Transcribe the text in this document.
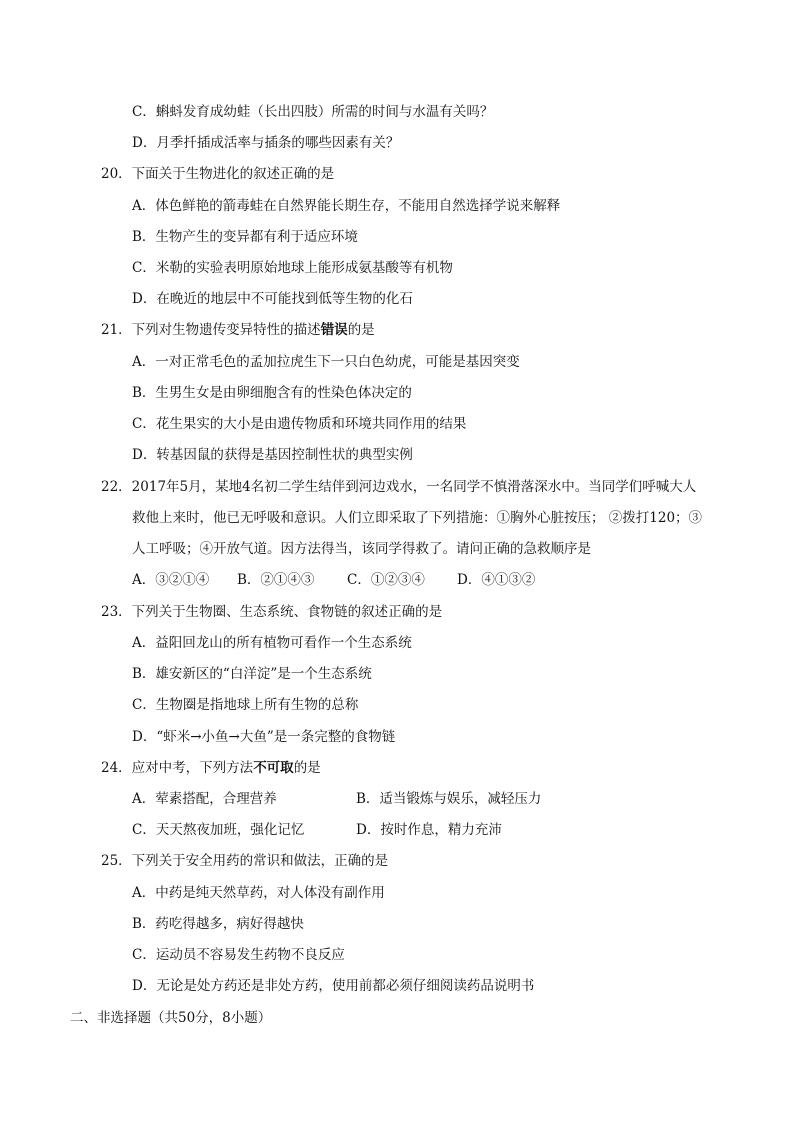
C．蝌蚪发育成幼蛙（长出四肢）所需的时间与水温有关吗？
D．月季扦插成活率与插条的哪些因素有关？
20．下面关于生物进化的叙述正确的是
A．体色鲜艳的箭毒蛙在自然界能长期生存，不能用自然选择学说来解释
B．生物产生的变异都有利于适应环境
C．米勒的实验表明原始地球上能形成氨基酸等有机物
D．在晚近的地层中不可能找到低等生物的化石
21．下列对生物遗传变异特性的描述错误的是
A．一对正常毛色的孟加拉虎生下一只白色幼虎，可能是基因突变
B．生男生女是由卵细胞含有的性染色体决定的
C．花生果实的大小是由遗传物质和环境共同作用的结果
D．转基因鼠的获得是基因控制性状的典型实例
22．2017年5月，某地4名初二学生结伴到河边戏水，一名同学不慎滑落深水中。当同学们呼喊大人
救他上来时，他已无呼吸和意识。人们立即采取了下列措施：①胸外心脏按压； ②拨打120；③
人工呼吸；④开放气道。因方法得当，该同学得救了。请问正确的急救顺序是
A．③②①④ B．②①④③ C．①②③④ D．④①③②
23．下列关于生物圈、生态系统、食物链的叙述正确的是
A．益阳回龙山的所有植物可看作一个生态系统
B．雄安新区的“白洋淀”是一个生态系统
C．生物圈是指地球上所有生物的总称
D．“虾米→小鱼→大鱼”是一条完整的食物链
24．应对中考，下列方法不可取的是
A．荤素搭配，合理营养	B．适当锻炼与娱乐，减轻压力
C．天天熬夜加班，强化记忆	D．按时作息，精力充沛
25．下列关于安全用药的常识和做法，正确的是
A．中药是纯天然草药，对人体没有副作用
B．药吃得越多，病好得越快
C．运动员不容易发生药物不良反应
D．无论是处方药还是非处方药，使用前都必须仔细阅读药品说明书
二、非选择题（共50分，8小题）
